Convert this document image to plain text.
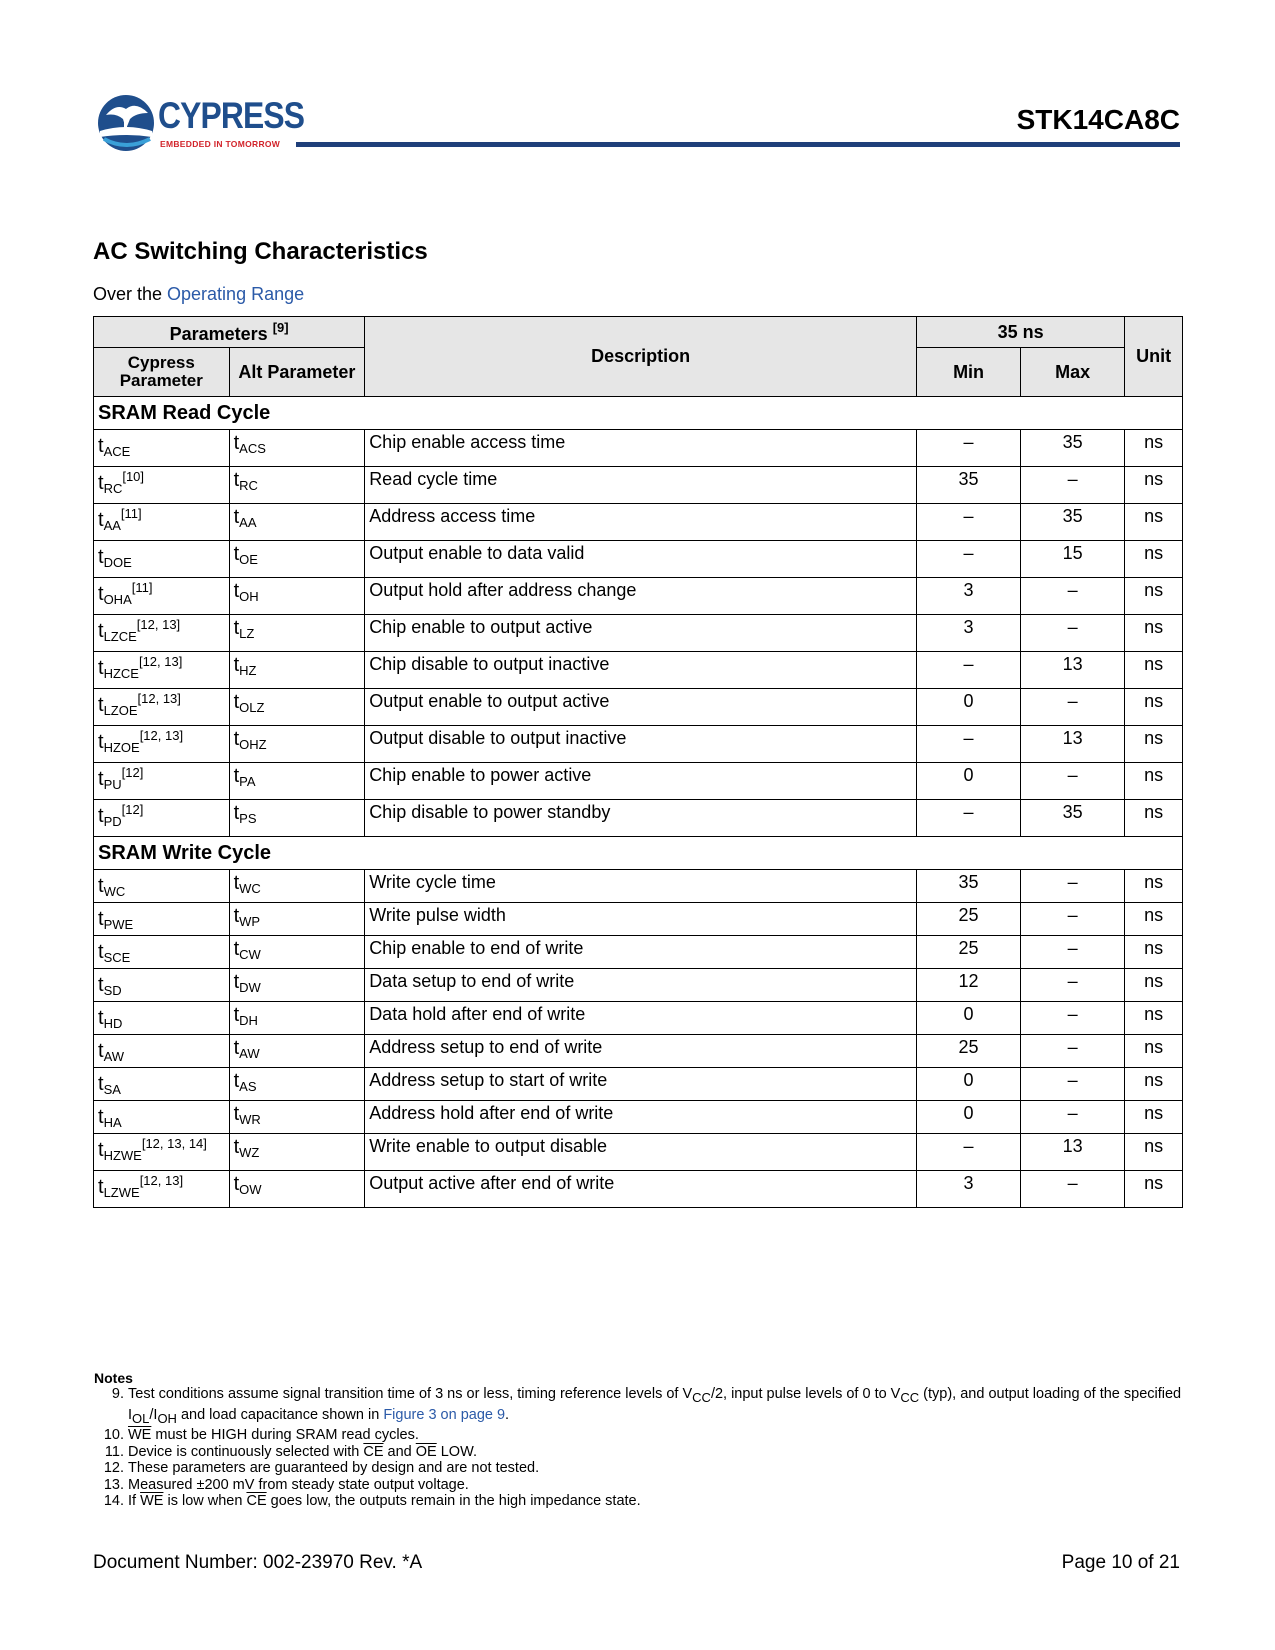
CYPRESS
EMBEDDED IN TOMORROW
STK14CA8C
AC Switching Characteristics
Over the Operating Range
Parameters [9]		Description	35 ns		Unit
Cypress Parameter	Alt Parameter		Min	Max	
SRAM Read Cycle					
$t_{ACE}$	$t_{ACS}$	Chip enable access time	–	35	ns
$t_{RC}[10]$	$t_{RC}$	Read cycle time	35	–	ns
$t_{AA}[11]$	$t_{AA}$	Address access time	–	35	ns
$t_{DOE}$	$t_{OE}$	Output enable to data valid	–	15	ns
$t_{OHA}[11]$	$t_{OH}$	Output hold after address change	3	–	ns
$t_{LZCE}[12, 13]$	$t_{LZ}$	Chip enable to output active	3	–	ns
$t_{HZCE}[12, 13]$	$t_{HZ}$	Chip disable to output inactive	–	13	ns
$t_{LZOE}[12, 13]$	$t_{OLZ}$	Output enable to output active	0	–	ns
$t_{HZOE}[12, 13]$	$t_{OHZ}$	Output disable to output inactive	–	13	ns
$t_{PU}[12]$	$t_{PA}$	Chip enable to power active	0	–	ns
$t_{PD}[12]$	$t_{PS}$	Chip disable to power standby	–	35	ns
SRAM Write Cycle					
$t_{WC}$	$t_{WC}$	Write cycle time	35	–	ns
$t_{PWE}$	$t_{WP}$	Write pulse width	25	–	ns
$t_{SCE}$	$t_{CW}$	Chip enable to end of write	25	–	ns
$t_{SD}$	$t_{DW}$	Data setup to end of write	12	–	ns
$t_{HD}$	$t_{DH}$	Data hold after end of write	0	–	ns
$t_{AW}$	$t_{AW}$	Address setup to end of write	25	–	ns
$t_{SA}$	$t_{AS}$	Address setup to start of write	0	–	ns
$t_{HA}$	$t_{WR}$	Address hold after end of write	0	–	ns
$t_{HZWE}[12, 13, 14]$	$t_{WZ}$	Write enable to output disable	–	13	ns
$t_{LZWE}[12, 13]$	$t_{OW}$	Output active after end of write	3	–	ns
Notes
9. Test conditions assume signal transition time of 3 ns or less, timing reference levels of $V_{CC}/2$, input pulse levels of 0 to $V_{CC}$ (typ), and output loading of the specified $I_{OL}/I_{OH}$ and load capacitance shown in Figure 3 on page 9.
10. $\overline{WE}$ must be HIGH during SRAM read cycles.
11. Device is continuously selected with $\overline{CE}$ and $\overline{OE}$ LOW.
12. These parameters are guaranteed by design and are not tested.
13. Measured ±200 mV from steady state output voltage.
14. If $\overline{WE}$ is low when $\overline{CE}$ goes low, the outputs remain in the high impedance state.
Document Number: 002-23970 Rev. *A	Page 10 of 21
